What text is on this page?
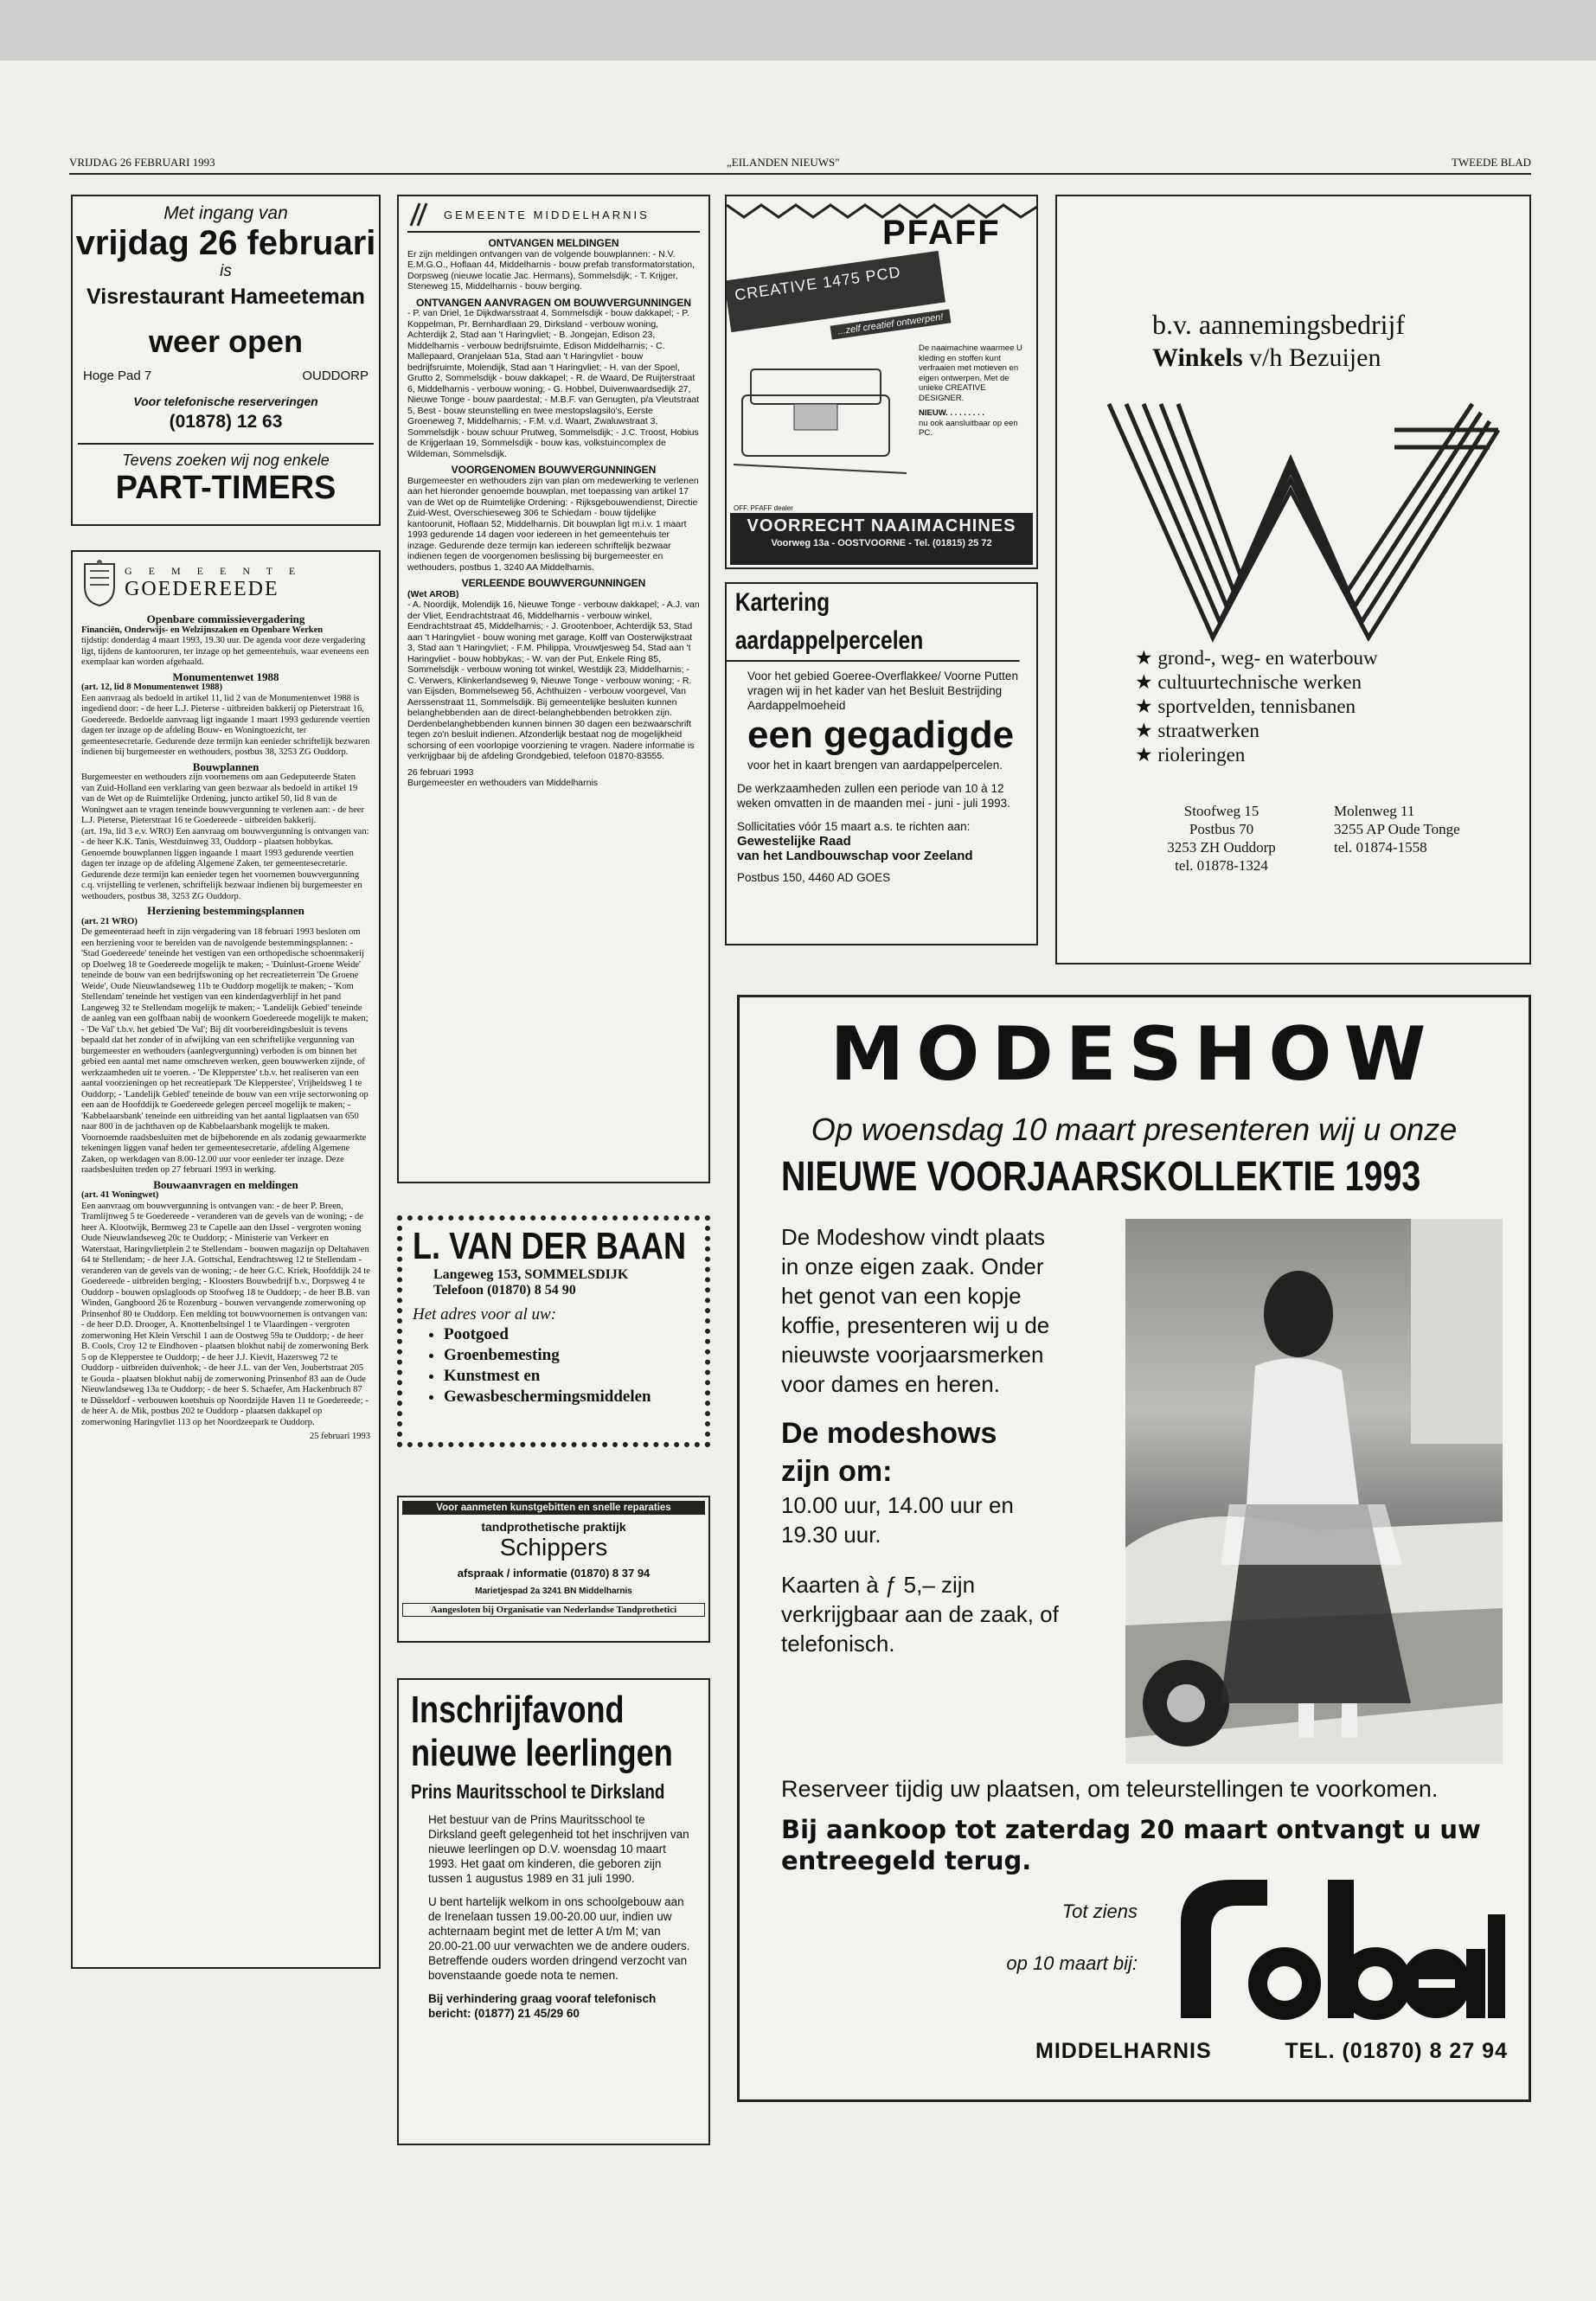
VRIJDAG 26 FEBRUARI 1993	„EILANDEN NIEUWS"	TWEEDE BLAD

Met ingang van

vrijdag 26 februari

is

Visrestaurant Hameeteman

weer open

Hoge Pad 7	OUDDORP

Voor telefonische reserveringen

(01878) 12 63

Tevens zoeken wij nog enkele

PART-TIMERS

G E M E E N T E

GOEDEREEDE

Openbare commissievergadering

Financiën, Onderwijs- en Welzijnszaken en Openbare Werken

tijdstip: donderdag 4 maart 1993, 19.30 uur. De agenda voor deze vergadering ligt, tijdens de kantooruren, ter inzage op het gemeentehuis, waar eveneens een exemplaar kan worden afgehaald.

Monumentenwet 1988

(art. 12, lid 8 Monumentenwet 1988)

Een aanvraag als bedoeld in artikel 11, lid 2 van de Monumentenwet 1988 is ingediend door: - de heer L.J. Pieterse - uitbreiden bakkerij op Pieterstraat 16, Goedereede. Bedoelde aanvraag ligt ingaande 1 maart 1993 gedurende veertien dagen ter inzage op de afdeling Bouw- en Woningtoezicht, ter gemeentesecretarie. Gedurende deze termijn kan eenieder schriftelijk bezwaren indienen bij burgemeester en wethouders, postbus 38, 3253 ZG Ouddorp.

Bouwplannen

Burgemeester en wethouders zijn voornemens om aan Gedeputeerde Staten van Zuid-Holland een verklaring van geen bezwaar als bedoeld in artikel 19 van de Wet op de Ruimtelijke Ordening, juncto artikel 50, lid 8 van de Woningwet aan te vragen teneinde bouwvergunning te verlenen aan: - de heer L.J. Pieterse, Pieterstraat 16 te Goedereede - uitbreiden bakkerij.

(art. 19a, lid 3 e.v. WRO) Een aanvraag om bouwvergunning is ontvangen van: - de heer K.K. Tanis, Westduinweg 33, Ouddorp - plaatsen hobbykas. Genoemde bouwplannen liggen ingaande 1 maart 1993 gedurende veertien dagen ter inzage op de afdeling Algemene Zaken, ter gemeentesecretarie. Gedurende deze termijn kan eenieder tegen het voornemen bouwvergunning c.q. vrijstelling te verlenen, schriftelijk bezwaar indienen bij burgemeester en wethouders, postbus 38, 3253 ZG Ouddorp.

Herziening bestemmingsplannen

(art. 21 WRO)

De gemeenteraad heeft in zijn vergadering van 18 februari 1993 besloten om een herziening voor te bereiden van de navolgende bestemmingsplannen: - 'Stad Goedereede' teneinde het vestigen van een orthopedische schoenmakerij op Doelweg 18 te Goedereede mogelijk te maken; - 'Duinlust-Groene Weide' teneinde de bouw van een bedrijfswoning op het recreatieterrein 'De Groene Weide', Oude Nieuwlandseweg 11b te Ouddorp mogelijk te maken; - 'Kom Stellendam' teneinde het vestigen van een kinderdagverblijf in het pand Langeweg 32 te Stellendam mogelijk te maken; - 'Landelijk Gebied' teneinde de aanleg van een golfbaan nabij de woonkern Goedereede mogelijk te maken; - 'De Val' t.b.v. het gebied 'De Val'; Bij dit voorbereidingsbesluit is tevens bepaald dat het zonder of in afwijking van een schriftelijke vergunning van burgemeester en wethouders (aanlegvergunning) verboden is om binnen het gebied een aantal met name omschreven werken, geen bouwwerken zijnde, of werkzaamheden uit te voeren. - 'De Klepperstee' t.b.v. het realiseren van een aantal voorzieningen op het recreatiepark 'De Klepperstee', Vrijheidsweg 1 te Ouddorp; - 'Landelijk Gebied' teneinde de bouw van een vrije sectorwoning op een aan de Hoofddijk te Goedereede gelegen perceel mogelijk te maken; - 'Kabbelaarsbank' teneinde een uitbreiding van het aantal ligplaatsen van 650 naar 800 in de jachthaven op de Kabbelaarsbank mogelijk te maken. Voornoemde raadsbesluiten met de bijbehorende en als zodanig gewaarmerkte tekeningen liggen vanaf heden ter gemeentesecretarie, afdeling Algemene Zaken, op werkdagen van 8.00-12.00 uur voor eenieder ter inzage. Deze raadsbesluiten treden op 27 februari 1993 in werking.

Bouwaanvragen en meldingen

(art. 41 Woningwet)

Een aanvraag om bouwvergunning is ontvangen van: - de heer P. Breen, Tramlijnweg 5 te Goedereede - veranderen van de gevels van de woning; - de heer A. Klootwijk, Bermweg 23 te Capelle aan den IJssel - vergroten woning Oude Nieuwlandseweg 20c te Ouddorp; - Ministerie van Verkeer en Waterstaat, Haringvlietplein 2 te Stellendam - bouwen magazijn op Deltahaven 64 te Stellendam; - de heer J.A. Gottschal, Eendrachtsweg 12 te Stellendam - veranderen van de gevels van de woning; - de heer G.C. Kriek, Hoofddijk 24 te Goedereede - uitbreiden berging; - Kloosters Bouwbedrijf b.v., Dorpsweg 4 te Ouddorp - bouwen opslagloods op Stoofweg 18 te Ouddorp; - de heer B.B. van Winden, Gangboord 26 te Rozenburg - bouwen vervangende zomerwoning op Prinsenhof 80 te Ouddorp. Een melding tot bouwvoornemen is ontvangen van: - de heer D.D. Drooger, A. Knottenbeltsingel 1 te Vlaardingen - vergroten zomerwoning Het Klein Verschil 1 aan de Oostweg 59a te Ouddorp; - de heer B. Cools, Croy 12 te Eindhoven - plaatsen blokhut nabij de zomerwoning Berk 5 op de Klepperstee te Ouddorp; - de heer J.J. Kievit, Hazersweg 72 te Ouddorp - uitbreiden duivenhok; - de heer J.L. van der Ven, Joubertstraat 205 te Gouda - plaatsen blokhut nabij de zomerwoning Prinsenhof 83 aan de Oude Nieuwlandseweg 13a te Ouddorp; - de heer S. Schaefer, Am Hackenbruch 87 te Düsseldorf - verbouwen koetshuis op Noordzijde Haven 11 te Goedereede; - de heer A. de Mik, postbus 202 te Ouddorp - plaatsen dakkapel op zomerwoning Haringvliet 113 op het Noordzeepark te Ouddorp.

25 februari 1993

GEMEENTE MIDDELHARNIS

ONTVANGEN MELDINGEN

Er zijn meldingen ontvangen van de volgende bouwplannen: - N.V. E.M.G.O., Hoflaan 44, Middelharnis - bouw prefab transformatorstation, Dorpsweg (nieuwe locatie Jac. Hermans), Sommelsdijk; - T. Krijger, Steneweg 15, Middelharnis - bouw berging.

ONTVANGEN AANVRAGEN OM BOUWVERGUNNINGEN

- P. van Driel, 1e Dijkdwarsstraat 4, Sommelsdijk - bouw dakkapel; - P. Koppelman, Pr. Bernhardlaan 29, Dirksland - verbouw woning, Achterdijk 2, Stad aan 't Haringvliet; - B. Jongejan, Edison 23, Middelharnis - verbouw bedrijfsruimte, Edison Middelharnis; - C. Mallepaard, Oranjelaan 51a, Stad aan 't Haringvliet - bouw bedrijfsruimte, Molendijk, Stad aan 't Haringvliet; - H. van der Spoel, Grutto 2, Sommelsdijk - bouw dakkapel; - R. de Waard, De Ruijterstraat 6, Middelharnis - verbouw woning; - G. Hobbel, Duivenwaardsedijk 27, Nieuwe Tonge - bouw paardestal; - M.B.F. van Genugten, p/a Vleutstraat 5, Best - bouw steunstelling en twee mestopslagsilo's, Eerste Groeneweg 7, Middelharnis; - F.M. v.d. Waart, Zwaluwstraat 3, Sommelsdijk - bouw schuur Prutweg, Sommelsdijk; - J.C. Troost, Hobius de Krijgerlaan 19, Sommelsdijk - bouw kas, volkstuincomplex de Wildeman, Sommelsdijk.

VOORGENOMEN BOUWVERGUNNINGEN

Burgemeester en wethouders zijn van plan om medewerking te verlenen aan het hieronder genoemde bouwplan, met toepassing van artikel 17 van de Wet op de Ruimtelijke Ordening: - Rijksgebouwendienst, Directie Zuid-West, Overschieseweg 306 te Schiedam - bouw tijdelijke kantoorunit, Hoflaan 52, Middelharnis. Dit bouwplan ligt m.i.v. 1 maart 1993 gedurende 14 dagen voor iedereen in het gemeentehuis ter inzage. Gedurende deze termijn kan iedereen schriftelijk bezwaar indienen tegen de voorgenomen beslissing bij burgemeester en wethouders, postbus 1, 3240 AA Middelharnis.

VERLEENDE BOUWVERGUNNINGEN

(Wet AROB)

- A. Noordijk, Molendijk 16, Nieuwe Tonge - verbouw dakkapel; - A.J. van der Vliet, Eendrachtstraat 46, Middelharnis - verbouw winkel, Eendrachtstraat 45, Middelharnis; - J. Grootenboer, Achterdijk 53, Stad aan 't Haringvliet - bouw woning met garage, Kolff van Oosterwijkstraat 3, Stad aan 't Haringvliet; - F.M. Philippa, Vrouwtjesweg 54, Stad aan 't Haringvliet - bouw hobbykas; - W. van der Put, Enkele Ring 85, Sommelsdijk - verbouw woning tot winkel, Westdijk 23, Middelharnis; - C. Verwers, Klinkerlandseweg 9, Nieuwe Tonge - verbouw woning; - R. van Eijsden, Bommelseweg 56, Achthuizen - verbouw voorgevel, Van Aerssenstraat 11, Sommelsdijk. Bij gemeentelijke besluiten kunnen belanghebbenden aan de direct-belanghebbenden betrokken zijn. Derdenbelanghebbenden kunnen binnen 30 dagen een bezwaarschrift tegen zo'n besluit indienen. Afzonderlijk bestaat nog de mogelijkheid schorsing of een voorlopige voorziening te vragen. Nadere informatie is verkrijgbaar bij de afdeling Grondgebied, telefoon 01870-83555.

26 februari 1993

Burgemeester en wethouders van Middelharnis

L. VAN DER BAAN

Langeweg 153, SOMMELSDIJK

Telefoon (01870) 8 54 90

Het adres voor al uw:

• Pootgoed
• Groenbemesting
• Kunstmest en
• Gewasbeschermingsmiddelen

Voor aanmeten kunstgebitten en snelle reparaties

tandprothetische praktijk

Schippers

afspraak / informatie (01870) 8 37 94

Marietjespad 2a 3241 BN Middelharnis

Aangesloten bij Organisatie van Nederlandse Tandprothetici

Inschrijfavond

nieuwe leerlingen

Prins Mauritsschool te Dirksland

Het bestuur van de Prins Mauritsschool te Dirksland geeft gelegenheid tot het inschrijven van nieuwe leerlingen op D.V. woensdag 10 maart 1993. Het gaat om kinderen, die geboren zijn tussen 1 augustus 1989 en 31 juli 1990.

U bent hartelijk welkom in ons schoolgebouw aan de Irenelaan tussen 19.00-20.00 uur, indien uw achternaam begint met de letter A t/m M; van 20.00-21.00 uur verwachten we de andere ouders. Betreffende ouders worden dringend verzocht van bovenstaande goede nota te nemen.

Bij verhindering graag vooraf telefonisch bericht: (01877) 21 45/29 60

PFAFF

CREATIVE 1475 PCD

...zelf creatief ontwerpen!

De naaimachine waarmee U kleding en stoffen kunt verfraaien met motieven en eigen ontwerpen. Met de unieke CREATIVE DESIGNER.

NIEUW. . . . . . . . .

nu ook aansluitbaar op een PC.

OFF. PFAFF dealer

VOORRECHT NAAIMACHINES

Voorweg 13a - OOSTVOORNE - Tel. (01815) 25 72

Kartering aardappelpercelen

Voor het gebied Goeree-Overflakkee/ Voorne Putten vragen wij in het kader van het Besluit Bestrijding Aardappelmoeheid

een gegadigde

voor het in kaart brengen van aardappelpercelen.

De werkzaamheden zullen een periode van 10 à 12 weken omvatten in de maanden mei - juni - juli 1993.

Sollicitaties vóór 15 maart a.s. te richten aan:

Gewestelijke Raad

van het Landbouwschap voor Zeeland

Postbus 150, 4460 AD GOES

b.v. aannemingsbedrijf

Winkels v/h Bezuijen

★ grond-, weg- en waterbouw

★ cultuurtechnische werken

★ sportvelden, tennisbanen

★ straatwerken

★ rioleringen

Stoofweg 15

Postbus 70

3253 ZH Ouddorp

tel. 01878-1324

Molenweg 11

3255 AP Oude Tonge

tel. 01874-1558

MODESHOW

Op woensdag 10 maart presenteren wij u onze

NIEUWE VOORJAARSKOLLEKTIE 1993

De Modeshow vindt plaats in onze eigen zaak. Onder het genot van een kopje koffie, presenteren wij u de nieuwste voorjaarsmerken voor dames en heren.

De modeshows

zijn om:

10.00 uur, 14.00 uur en 19.30 uur.

Kaarten à ƒ 5,– zijn verkrijgbaar aan de zaak, of telefonisch.

Reserveer tijdig uw plaatsen, om teleurstellingen te voorkomen.

Bij aankoop tot zaterdag 20 maart ontvangt u uw entreegeld terug.

Tot ziens

op 10 maart bij:

MIDDELHARNIS	TEL. (01870) 8 27 94
